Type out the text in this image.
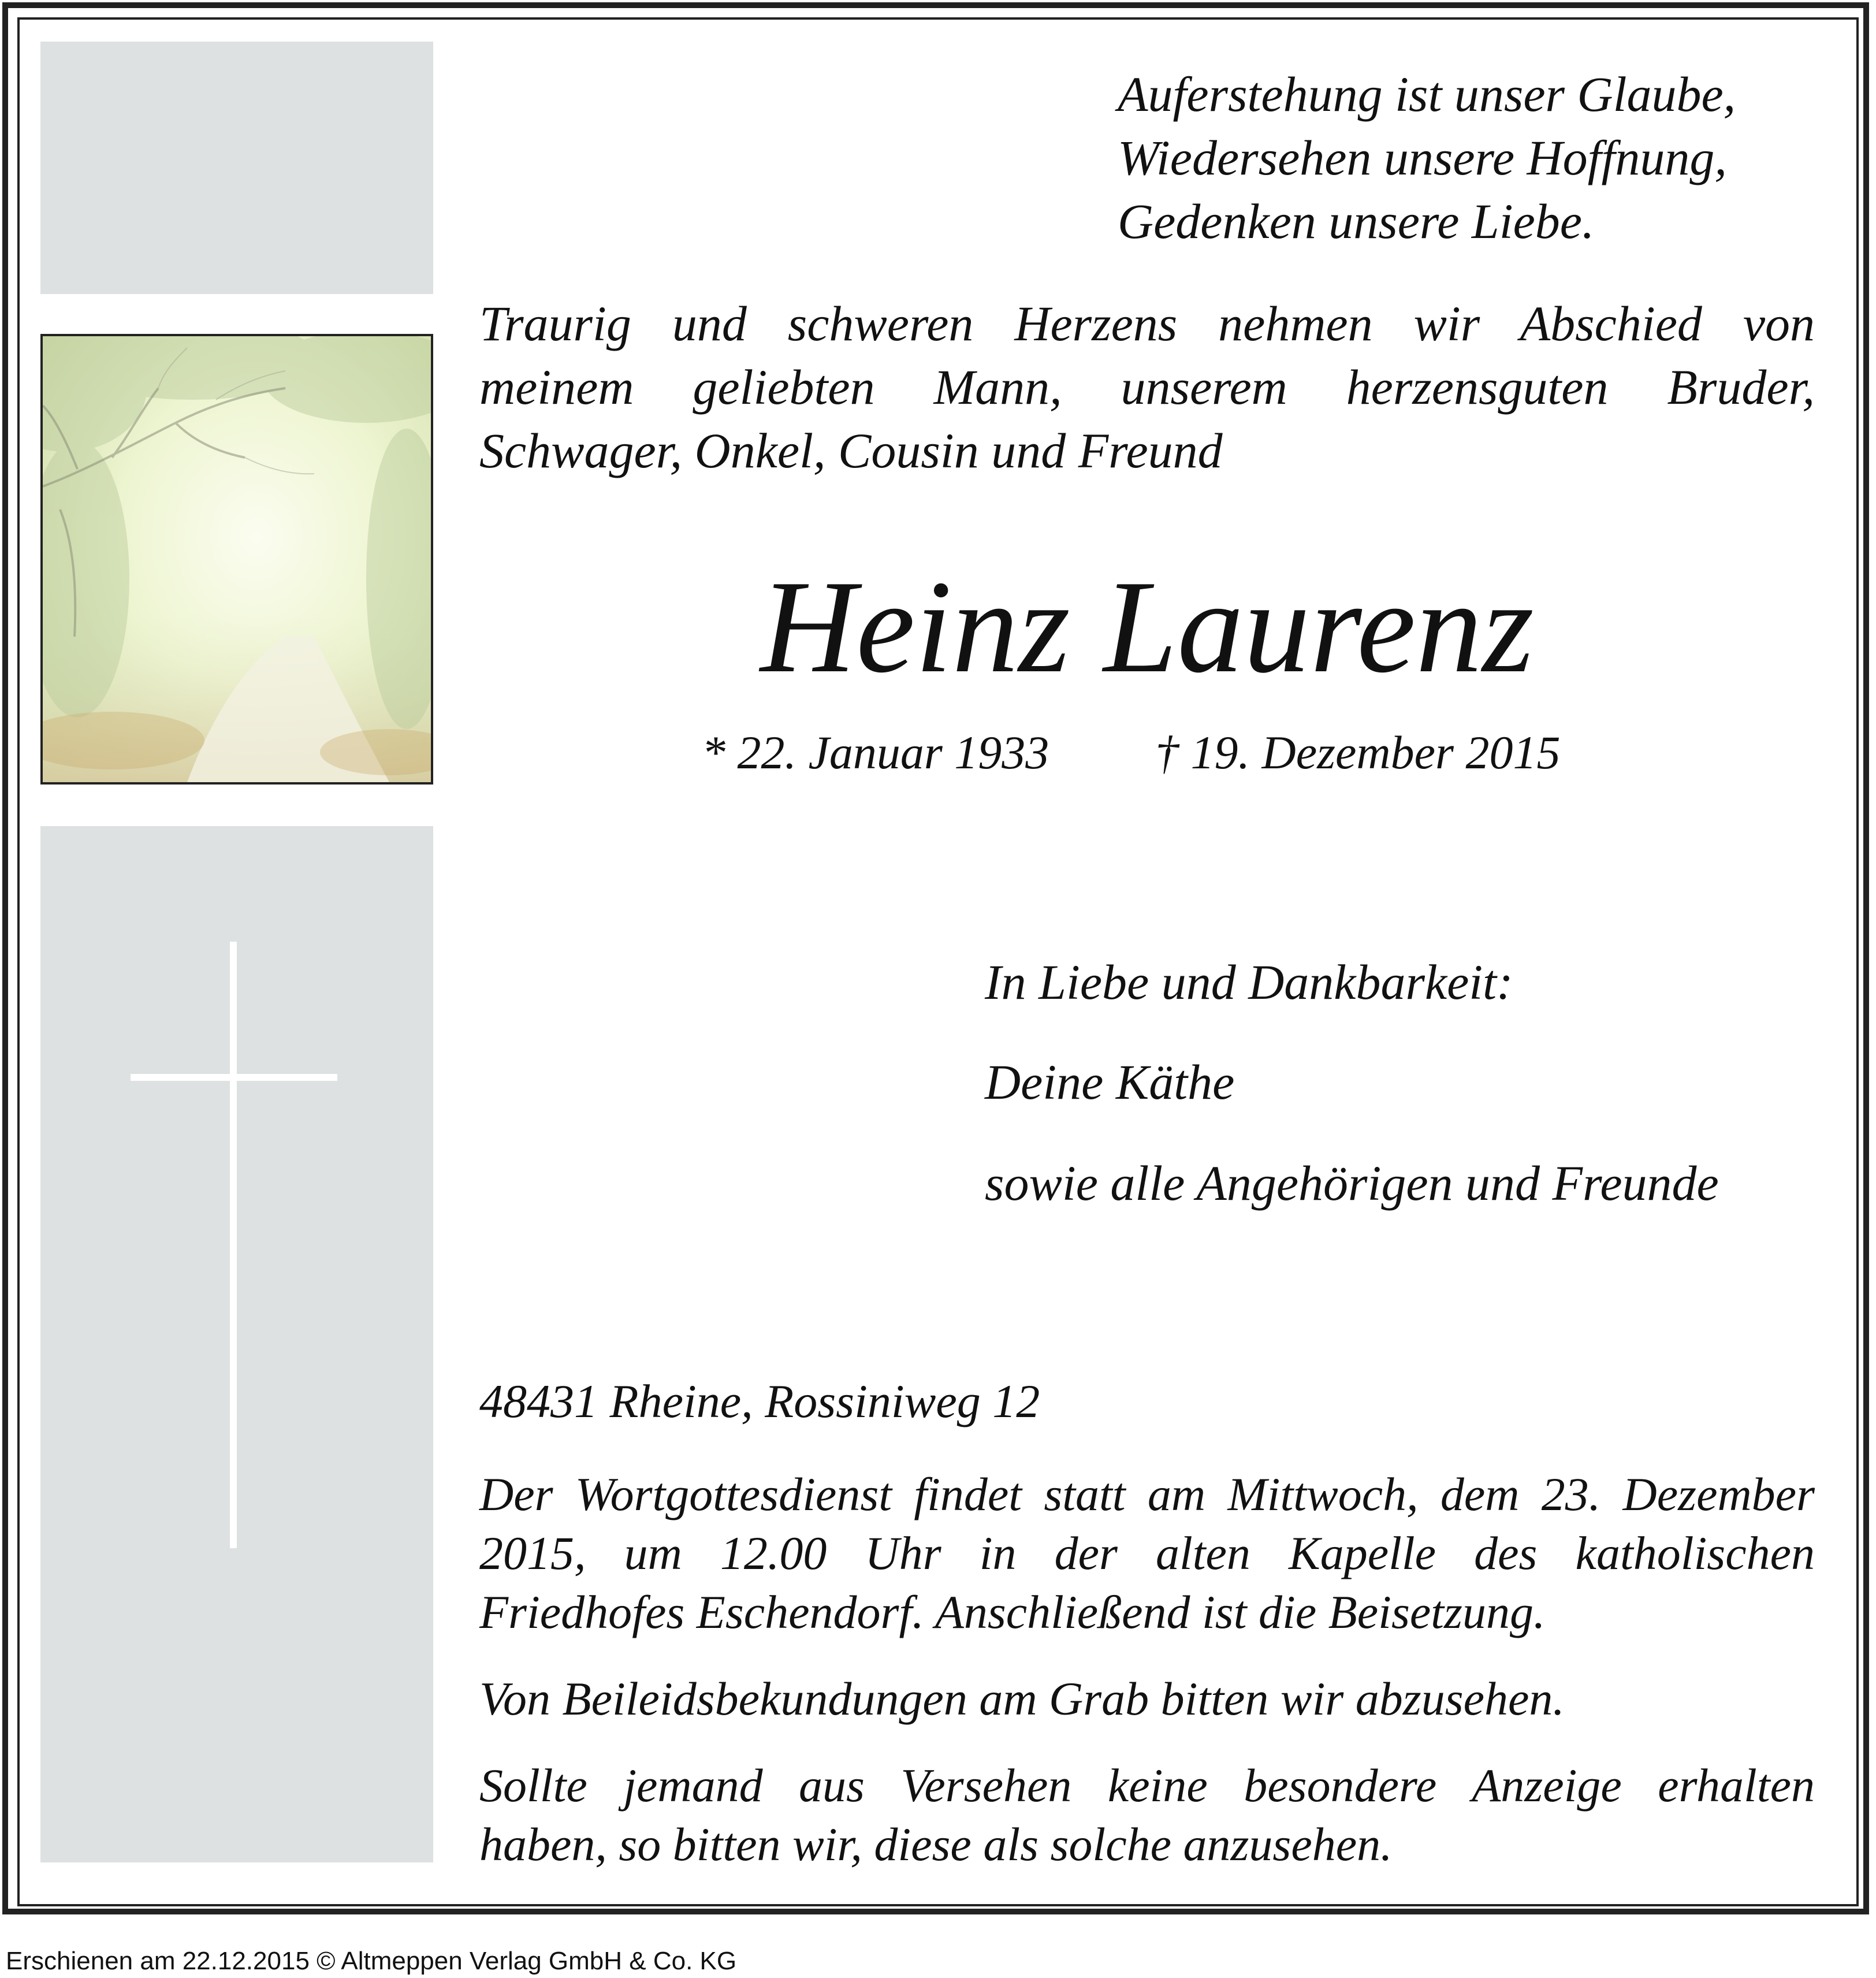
Auferstehung ist unser Glaube,
Wiedersehen unsere Hoffnung,
Gedenken unsere Liebe.
Traurig und schweren Herzens nehmen wir Abschied von
meinem geliebten Mann, unserem herzensguten Bruder,
Schwager, Onkel, Cousin und Freund
Heinz Laurenz
* 22. Januar 1933 † 19. Dezember 2015
In Liebe und Dankbarkeit:
Deine Käthe
sowie alle Angehörigen und Freunde
48431 Rheine, Rossiniweg 12
Der Wortgottesdienst findet statt am Mittwoch, dem 23. Dezember
2015, um 12.00 Uhr in der alten Kapelle des katholischen
Friedhofes Eschendorf. Anschließend ist die Beisetzung.
Von Beileidsbekundungen am Grab bitten wir abzusehen.
Sollte jemand aus Versehen keine besondere Anzeige erhalten
haben, so bitten wir, diese als solche anzusehen.
Erschienen am 22.12.2015 © Altmeppen Verlag GmbH & Co. KG
